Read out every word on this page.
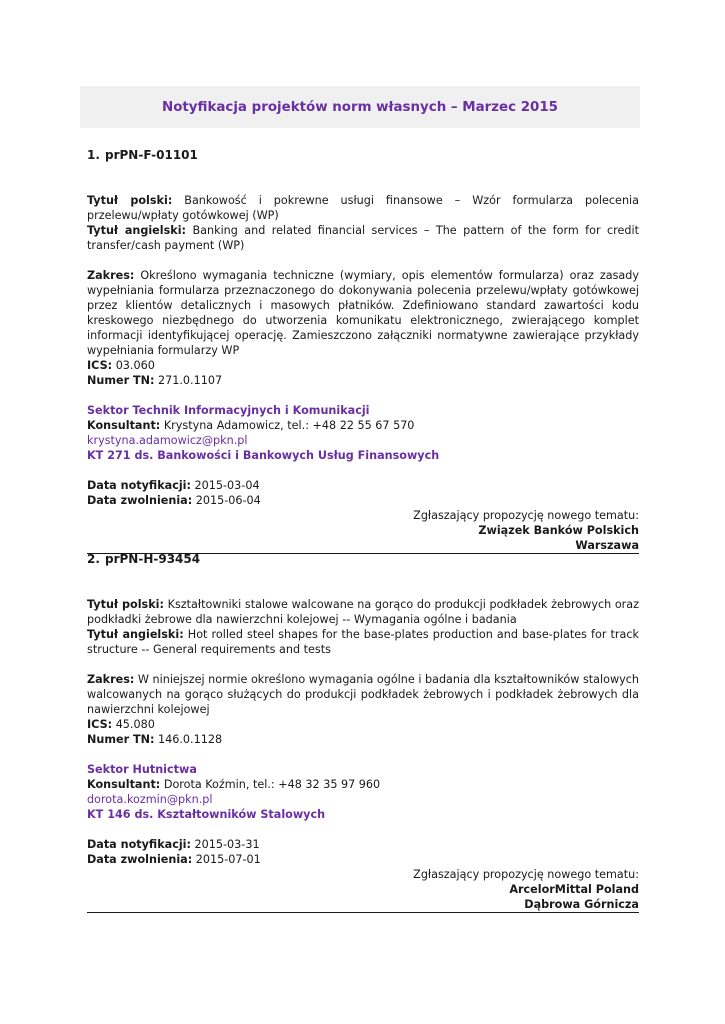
Notyfikacja projektów norm własnych – Marzec 2015
1. prPN-F-01101

Tytuł polski: Bankowość i pokrewne usługi finansowe – Wzór formularza polecenia przelewu/wpłaty gotówkowej (WP)

Tytuł angielski: Banking and related financial services – The pattern of the form for credit transfer/cash payment (WP)

Zakres: Określono wymagania techniczne (wymiary, opis elementów formularza) oraz zasady wypełniania formularza przeznaczonego do dokonywania polecenia przelewu/wpłaty gotówkowej przez klientów detalicznych i masowych płatników. Zdefiniowano standard zawartości kodu kreskowego niezbędnego do utworzenia komunikatu elektronicznego, zwierającego komplet informacji identyfikującej operację. Zamieszczono załączniki normatywne zawierające przykłady wypełniania formularzy WP

ICS: 03.060

Numer TN: 271.0.1107

Sektor Technik Informacyjnych i Komunikacji

Konsultant: Krystyna Adamowicz, tel.: +48 22 55 67 570

krystyna.adamowicz@pkn.pl

KT 271 ds. Bankowości i Bankowych Usług Finansowych

Data notyfikacji: 2015-03-04

Data zwolnienia: 2015-06-04

Zgłaszający propozycję nowego tematu:

Związek Banków Polskich

Warszawa

2. prPN-H-93454

Tytuł polski: Kształtowniki stalowe walcowane na gorąco do produkcji podkładek żebrowych oraz podkładki żebrowe dla nawierzchni kolejowej -- Wymagania ogólne i badania

Tytuł angielski: Hot rolled steel shapes for the base-plates production and base-plates for track structure -- General requirements and tests

Zakres: W niniejszej normie określono wymagania ogólne i badania dla kształtowników stalowych walcowanych na gorąco służących do produkcji podkładek żebrowych i podkładek żebrowych dla nawierzchni kolejowej

ICS: 45.080

Numer TN: 146.0.1128

Sektor Hutnictwa

Konsultant: Dorota Koźmin, tel.: +48 32 35 97 960

dorota.kozmin@pkn.pl

KT 146 ds. Kształtowników Stalowych

Data notyfikacji: 2015-03-31

Data zwolnienia: 2015-07-01

Zgłaszający propozycję nowego tematu:

ArcelorMittal Poland

Dąbrowa Górnicza
